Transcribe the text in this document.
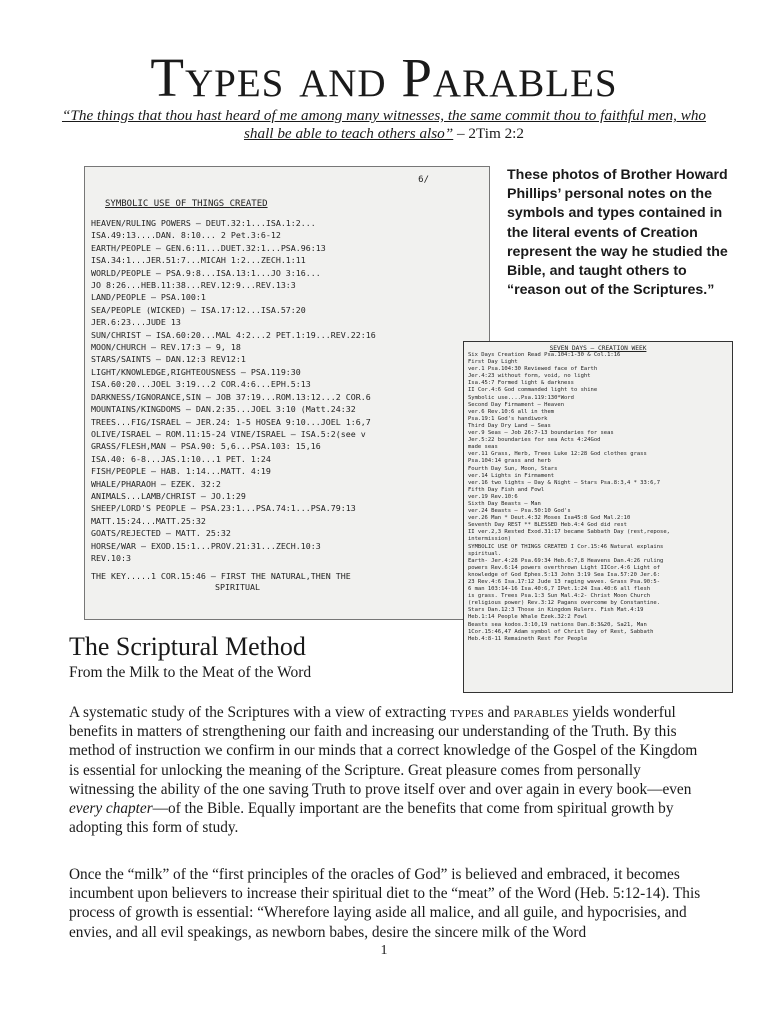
Types and Parables
“The things that thou hast heard of me among many witnesses, the same commit thou to faithful men, who shall be able to teach others also” – 2Tim 2:2
6/
SYMBOLIC USE OF THINGS CREATED
HEAVEN/RULING POWERS – DEUT.32:1...ISA.1:2...
ISA.49:13....DAN. 8:10... 2 Pet.3:6-12
EARTH/PEOPLE – GEN.6:11...DUET.32:1...PSA.96:13
ISA.34:1...JER.51:7...MICAH 1:2...ZECH.1:11
WORLD/PEOPLE – PSA.9:8...ISA.13:1...JO 3:16...
JO 8:26...HEB.11:38...REV.12:9...REV.13:3
LAND/PEOPLE – PSA.100:1
SEA/PEOPLE (WICKED) – ISA.17:12...ISA.57:20
JER.6:23...JUDE 13
SUN/CHRIST – ISA.60:20...MAL 4:2...2 PET.1:19...REV.22:16
MOON/CHURCH – REV.17:3 – 9, 18
STARS/SAINTS – DAN.12:3 REV12:1
LIGHT/KNOWLEDGE,RIGHTEOUSNESS – PSA.119:30
ISA.60:20...JOEL 3:19...2 COR.4:6...EPH.5:13
DARKNESS/IGNORANCE,SIN – JOB 37:19...ROM.13:12...2 COR.6
MOUNTAINS/KINGDOMS – DAN.2:35...JOEL 3:10 (Matt.24:32
TREES...FIG/ISRAEL – JER.24: 1-5 HOSEA 9:10...JOEL 1:6,7
OLIVE/ISRAEL – ROM.11:15-24 VINE/ISRAEL – ISA.5:2(see v
GRASS/FLESH,MAN – PSA.90: 5,6...PSA.103: 15,16
ISA.40: 6-8...JAS.1:10...1 PET. 1:24
FISH/PEOPLE – HAB. 1:14...MATT. 4:19
WHALE/PHARAOH – EZEK. 32:2
ANIMALS...LAMB/CHRIST – JO.1:29
SHEEP/LORD'S PEOPLE – PSA.23:1...PSA.74:1...PSA.79:13
MATT.15:24...MATT.25:32
GOATS/REJECTED – MATT. 25:32
HORSE/WAR – EXOD.15:1...PROV.21:31...ZECH.10:3
REV.10:3
THE KEY.....1 COR.15:46 – FIRST THE NATURAL,THEN THE
SPIRITUAL
These photos of Brother Howard Phillips’ personal notes on the symbols and types contained in the literal events of Creation represent the way he studied the Bible, and taught others to “reason out of the Scriptures.”
SEVEN DAYS – CREATION WEEK
Six Days Creation Read Psa.104:1-30 & Col.1:16
First Day Light
ver.1 Psa.104:30 Reviewed face of Earth
Jer.4:23 without form, void, no light
Isa.45:7 Formed light & darkness
II Cor.4:6 God commanded light to shine
Symbolic use....Psa.119:130*Word
Second Day Firmament – Heaven
ver.6 Rev.10:6 all in them
Psa.19:1 God's handiwork
Third Day Dry Land – Seas
ver.9 Seas – Job 26:7-13 boundaries for seas
Jer.5:22 boundaries for sea Acts 4:24God
made seas
ver.11 Grass, Herb, Trees Luke 12:28 God clothes grass
Psa.104:14 grass and herb
Fourth Day Sun, Moon, Stars
ver.14 Lights in Firmament
ver.16 two lights – Day & Night – Stars Psa.8:3,4 * 33:6,7
Fifth Day Fish and Fowl
ver.19 Rev.10:6
Sixth Day Beasts – Man
ver.24 Beasts – Psa.50:10 God's
ver.26 Man * Deut.4:32 Moses Isa45:8 God Mal.2:10
Seventh Day REST ** BLESSED Heb.4:4 God did rest
II ver.2,3 Rested Exod.31:17 became Sabbath Day (rest,repose,
intermission)
SYMBOLIC USE OF THINGS CREATED I Cor.15:46 Natural explains
spiritual.
Earth- Jer.4:28 Psa.69:34 Heb.6:7,8 Heavens Dan.4:26 ruling
powers Rev.6:14 powers overthrown Light IICor.4:6 Light of
knowledge of God Ephes.5:13 John 3:19 Sea Isa.57:20 Jer.6:
23 Rev.4:6 Isa.17:12 Jude 13 raging waves. Grass Psa.90:5-
6 man 103:14-16 Isa.40:6,7 IPet.1:24 Isa.40:6 all flesh
is grass. Trees Psa.1:3 Sun Mal.4:2- Christ Moon Church
(religious power) Rev.3:12 Pagans overcome by Constantine.
Stars Dan.12:3 Those in Kingdom Rulers. Fish Mat.4:19
Heb.1:14 People Whale Ezek.32:2 Fowl
Beasts sea kodos.3:10,19 nations Dan.8:3&20, Sa21, Man
1Cor.15:46,47 Adam symbol of Christ Day of Rest, Sabbath
Heb.4:8-11 Remaineth Rest For People
The Scriptural Method
From the Milk to the Meat of the Word
A systematic study of the Scriptures with a view of extracting types and parables yields wonderful benefits in matters of strengthening our faith and increasing our understanding of the Truth. By this method of instruction we confirm in our minds that a correct knowledge of the Gospel of the Kingdom is essential for unlocking the meaning of the Scripture. Great pleasure comes from personally witnessing the ability of the one saving Truth to prove itself over and over again in every book—even every chapter—of the Bible. Equally important are the benefits that come from spiritual growth by adopting this form of study.
Once the “milk” of the “first principles of the oracles of God” is believed and embraced, it becomes incumbent upon believers to increase their spiritual diet to the “meat” of the Word (Heb. 5:12-14). This process of growth is essential: “Wherefore laying aside all malice, and all guile, and hypocrisies, and envies, and all evil speakings, as newborn babes, desire the sincere milk of the Word
1
